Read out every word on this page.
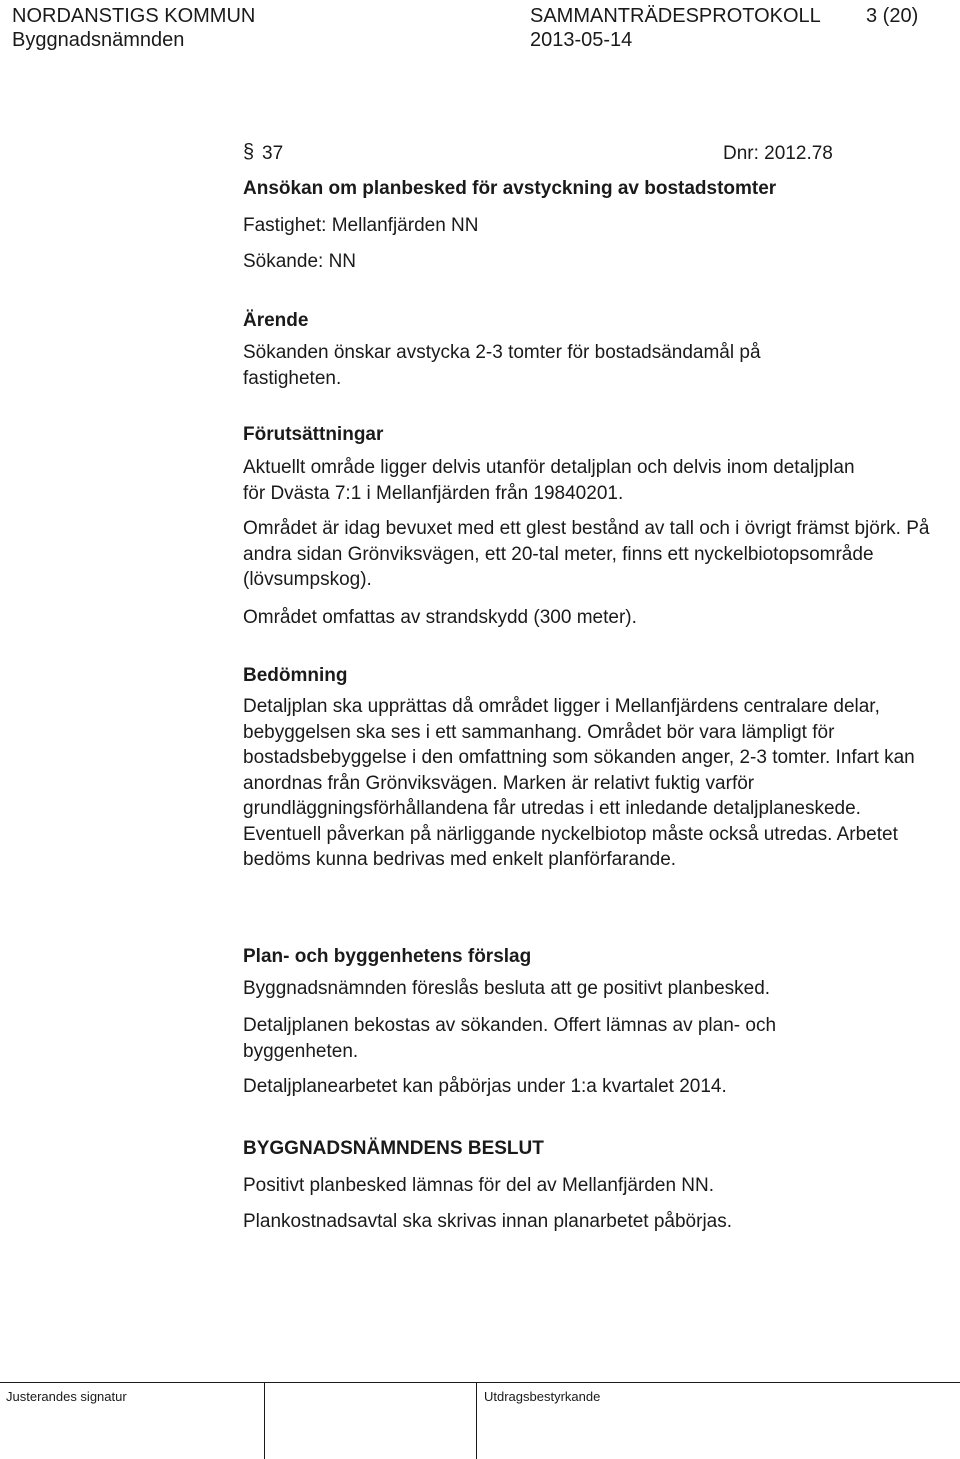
NORDANSTIGS KOMMUN
Byggnadsnämnden
SAMMANTRÄDESPROTOKOLL
2013-05-14
3 (20)
§ 37	Dnr: 2012.78

Ansökan om planbesked för avstyckning av bostadstomter

Fastighet: Mellanfjärden NN

Sökande: NN

Ärende

Sökanden önskar avstycka 2-3 tomter för bostadsändamål på fastigheten.

Förutsättningar

Aktuellt område ligger delvis utanför detaljplan och delvis inom detaljplan för Dvästa 7:1 i Mellanfjärden från 19840201.

Området är idag bevuxet med ett glest bestånd av tall och i övrigt främst björk. På andra sidan Grönviksvägen, ett 20-tal meter, finns ett nyckelbiotopsområde (lövsumpskog).

Området omfattas av strandskydd (300 meter).

Bedömning

Detaljplan ska upprättas då området ligger i Mellanfjärdens centralare delar, bebyggelsen ska ses i ett sammanhang. Området bör vara lämpligt för bostadsbebyggelse i den omfattning som sökanden anger, 2-3 tomter. Infart kan anordnas från Grönviksvägen. Marken är relativt fuktig varför grundläggningsförhållandena får utredas i ett inledande detaljplaneskede. Eventuell påverkan på närliggande nyckelbiotop måste också utredas. Arbetet bedöms kunna bedrivas med enkelt planförfarande.

Plan- och byggenhetens förslag

Byggnadsnämnden föreslås besluta att ge positivt planbesked.

Detaljplanen bekostas av sökanden. Offert lämnas av plan- och byggenheten.

Detaljplanearbetet kan påbörjas under 1:a kvartalet 2014.

BYGGNADSNÄMNDENS BESLUT

Positivt planbesked lämnas för del av Mellanfjärden NN.

Plankostnadsavtal ska skrivas innan planarbetet påbörjas.

Justerandes signatur	Utdragsbestyrkande
